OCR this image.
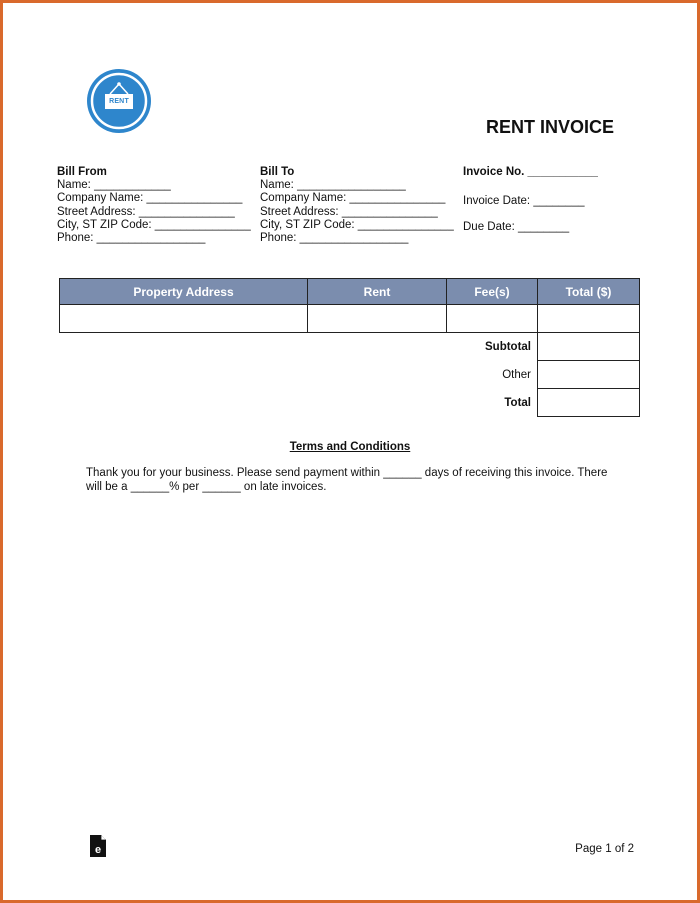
RENT
RENT INVOICE
Bill From
Name: ____________
Company Name: _______________
Street Address: _______________
City, ST ZIP Code: _______________
Phone: _________________
Bill To
Name: _________________
Company Name: _______________
Street Address: _______________
City, ST ZIP Code: _______________
Phone: _________________
Invoice No. ___________
Invoice Date: ________
Due Date: ________
Property Address	Rent	Fee(s)	Total ($)

		Subtotal	
		Other	
		Total	
Terms and Conditions
Thank you for your business. Please send payment within ______ days of receiving this invoice. There will be a ______% per ______ on late invoices.
e	Page 1 of 2
